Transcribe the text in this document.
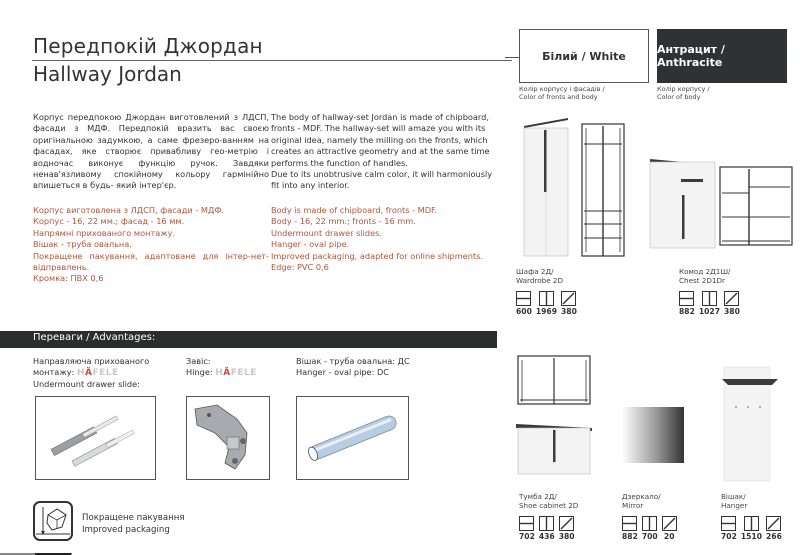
Передпокій Джордан
Hallway Jordan
Білий / White	Антрацит / Anthracite
Колір корпусу і фасадів /
Color of fronts and body
Колір корпусу /
Color of body
Корпус передпокою Джордан виготовлений з ЛДСП, фасади з МДФ. Передпокій вразить вас своєю оригінальною задумкою, а саме фрезеро-ванням на фасадах, яке створює привабливу гео-метрію і водночас виконує функцію ручок. Завдяки ненав'язливому спокійному кольору гармінійно впишеться в будь- який інтер'єр.
The body of hallway-set Jordan is made of chipboard, fronts - MDF. The hallway-set will amaze you with its original idea, namely the milling on the fronts, which creates an attractive geometry and at the same time performs the function of handles.
Due to its unobtrusive calm color, it will harmoniously fit into any interior.
Корпус виготовлена з ЛДСП, фасади - МДФ.
Корпус - 16, 22 мм.; фасад - 16 мм.
Напрямні прихованого монтажу.
Вішак - труба овальна.
Покращене пакування, адаптоване для інтер-нет-відправлень.
Кромка: ПВХ 0,6
Body is made of chipboard, fronts - MDF.
Body - 16, 22 mm.; fronts - 16 mm.
Undermount drawer slides.
Hanger - oval pipe.
Improved packaging, adapted for online shipments.
Edge: PVC 0,6
Переваги / Advantages:
Направляюча прихованого
монтажу: HÄFELE
Undermount drawer slide:
Завіс:
Hinge: HÄFELE
Вішак - труба овальна: ДС
Hanger - oval pipe: DC
Покращене пакування
Improved packaging
Шафа 2Д/
Wardrobe 2D
600 1969 380
Комод 2Д1Ш/
Chest 2D1Dr
882 1027 380
Тумба 2Д/
Shoe cabinet 2D
702 436 380
Дзеркало/
Mirror
882 700 20
Вішак/
Hanger
702 1510 266
